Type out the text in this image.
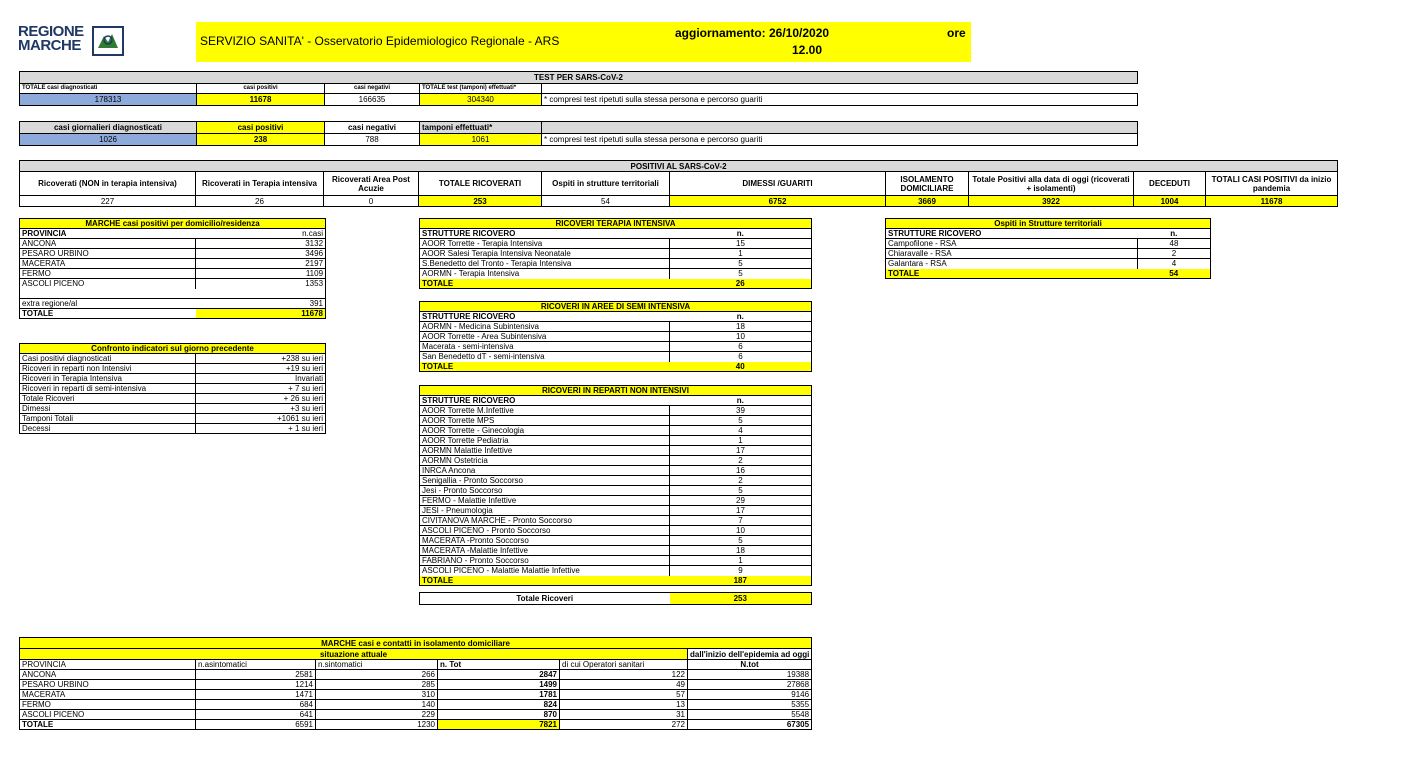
REGIONE
MARCHE	SERVIZIO SANITA' - Osservatorio Epidemiologico Regionale - ARS
aggiornamento: 26/10/2020	ore
12.00
TEST PER SARS-CoV-2				
TOTALE casi diagnosticati	casi positivi	casi negativi	TOTALE test (tamponi) effettuati*	
178313	11678	166635	304340	* compresi test ripetuti sulla stessa persona e percorso guariti
casi giornalieri diagnosticati	casi positivi	casi negativi	tamponi effettuati*	
1026	238	788	1061	* compresi test ripetuti sulla stessa persona e percorso guariti
POSITIVI AL SARS-CoV-2									
Ricoverati (NON in terapia intensiva)	Ricoverati in Terapia intensiva	Ricoverati Area Post Acuzie	TOTALE RICOVERATI	Ospiti in strutture territoriali	DIMESSI /GUARITI	ISOLAMENTO DOMICILIARE	Totale Positivi alla data di oggi (ricoverati + isolamenti)	DECEDUTI	TOTALI CASI POSITIVI da inizio pandemia
227	26	0	253	54	6752	3669	3922	1004	11678
MARCHE casi positivi per domicilio/residenza	
PROVINCIA	n.casi
ANCONA	3132
PESARO URBINO	3496
MACERATA	2197
FERMO	1109
ASCOLI PICENO	1353

extra regione/al	391
TOTALE	11678
Confronto indicatori sul giorno precedente	
Casi positivi diagnosticati	+238 su ieri
Ricoveri in reparti non Intensivi	+19 su ieri
Ricoveri in Terapia Intensiva	Invariati
Ricoveri in reparti di semi-intensiva	+ 7 su ieri
Totale Ricoveri	+ 26 su ieri
Dimessi	+3 su ieri
Tamponi Totali	+1061 su ieri
Decessi	+ 1 su ieri
RICOVERI TERAPIA INTENSIVA	
STRUTTURE RICOVERO	n.
AOOR Torrette - Terapia Intensiva	15
AOOR Salesi Terapia Intensiva Neonatale	1
S.Benedetto del Tronto - Terapia Intensiva	5
AORMN - Terapia Intensiva	5
TOTALE	26
RICOVERI IN AREE DI SEMI INTENSIVA	
STRUTTURE RICOVERO	n.
AORMN - Medicina Subintensiva	18
AOOR Torrette - Area Subintensiva	10
Macerata - semi-intensiva	6
San Benedetto dT - semi-intensiva	6
TOTALE	40
RICOVERI IN REPARTI NON INTENSIVI	
STRUTTURE RICOVERO	n.
AOOR Torrette M.Infettive	39
AOOR Torrette MPS	5
AOOR Torrette - Ginecologia	4
AOOR Torrette Pediatria	1
AORMN Malattie Infettive	17
AORMN Ostetricia	2
INRCA Ancona	16
Senigallia - Pronto Soccorso	2
Jesi - Pronto Soccorso	5
FERMO - Malattie Infettive	29
JESI - Pneumologia	17
CIVITANOVA MARCHE - Pronto Soccorso	7
ASCOLI PICENO - Pronto Soccorso	10
MACERATA -Pronto Soccorso	5
MACERATA -Malattie Infettive	18
FABRIANO - Pronto Soccorso	1
ASCOLI PICENO - Malattie Malattie Infettive	9
TOTALE	187
Totale Ricoveri	253
Ospiti in Strutture territoriali	
STRUTTURE RICOVERO	n.
Campofilone - RSA	48
Chiaravalle - RSA	2
Galantara - RSA	4
TOTALE	54
MARCHE casi e contatti in isolamento domiciliare					
situazione attuale					dall'inizio dell'epidemia ad oggi
PROVINCIA	n.asintomatici	n.sintomatici	n. Tot	di cui Operatori sanitari	N.tot
ANCONA	2581	266	2847	122	19388
PESARO URBINO	1214	285	1499	49	27868
MACERATA	1471	310	1781	57	9146
FERMO	684	140	824	13	5355
ASCOLI PICENO	641	229	870	31	5548
TOTALE	6591	1230	7821	272	67305
